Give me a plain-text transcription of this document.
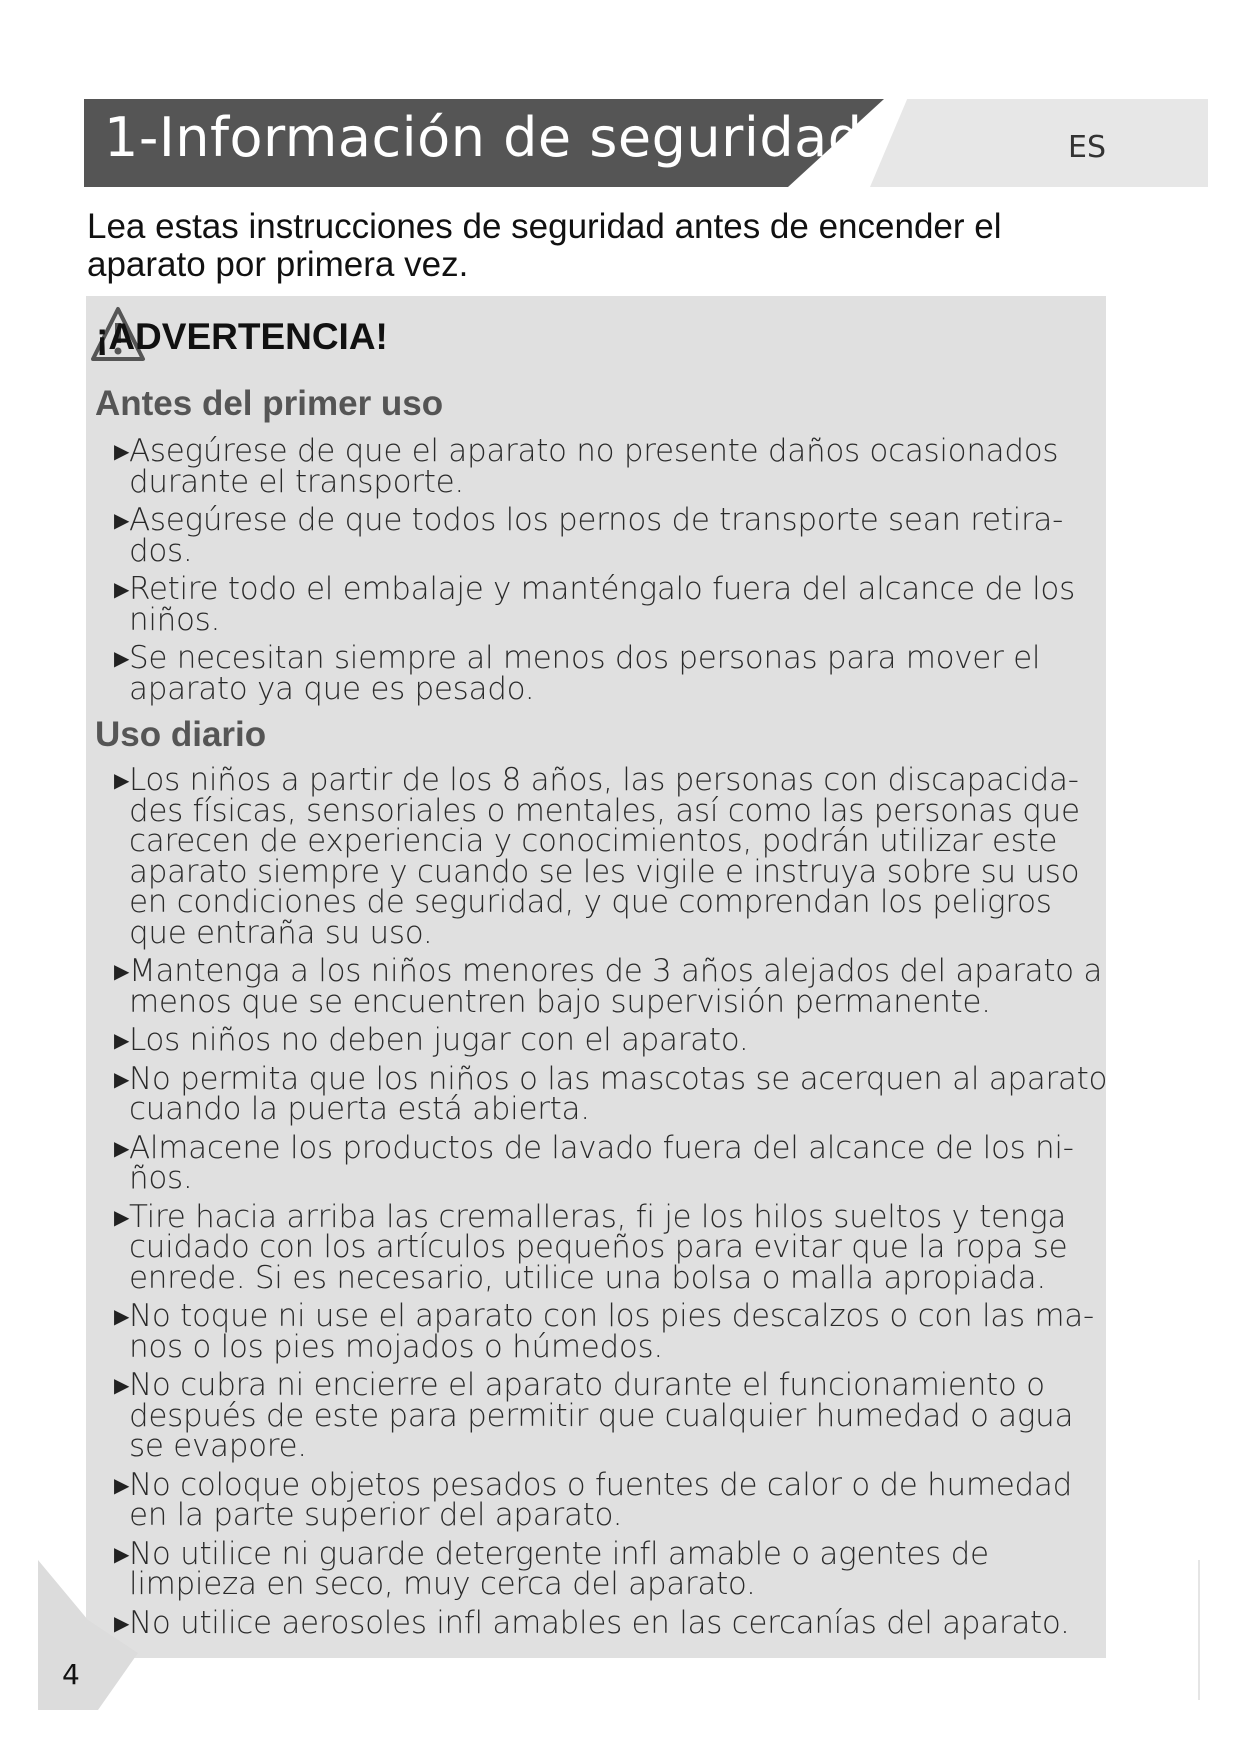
1-Información de seguridad	ES

Lea estas instrucciones de seguridad antes de encender el aparato por primera vez.

¡ADVERTENCIA!
Antes del primer uso
▶ Asegúrese de que el aparato no presente daños ocasionados durante el transporte.
▶ Asegúrese de que todos los pernos de transporte sean retira-dos.
▶ Retire todo el embalaje y manténgalo fuera del alcance de los niños.
▶ Se necesitan siempre al menos dos personas para mover el aparato ya que es pesado.
Uso diario
▶ Los niños a partir de los 8 años, las personas con discapacida-des físicas, sensoriales o mentales, así como las personas que carecen de experiencia y conocimientos, podrán utilizar este aparato siempre y cuando se les vigile e instruya sobre su uso en condiciones de seguridad, y que comprendan los peligros que entraña su uso.
▶ Mantenga a los niños menores de 3 años alejados del aparato a menos que se encuentren bajo supervisión permanente.
▶ Los niños no deben jugar con el aparato.
▶ No permita que los niños o las mascotas se acerquen al aparato cuando la puerta está abierta.
▶ Almacene los productos de lavado fuera del alcance de los ni-ños.
▶ Tire hacia arriba las cremalleras, fi je los hilos sueltos y tenga cuidado con los artículos pequeños para evitar que la ropa se enrede. Si es necesario, utilice una bolsa o malla apropiada.
▶ No toque ni use el aparato con los pies descalzos o con las ma-nos o los pies mojados o húmedos.
▶ No cubra ni encierre el aparato durante el funcionamiento o después de este para permitir que cualquier humedad o agua se evapore.
▶ No coloque objetos pesados o fuentes de calor o de humedad en la parte superior del aparato.
▶ No utilice ni guarde detergente infl amable o agentes de limpieza en seco, muy cerca del aparato.
▶ No utilice aerosoles infl amables en las cercanías del aparato.
4
